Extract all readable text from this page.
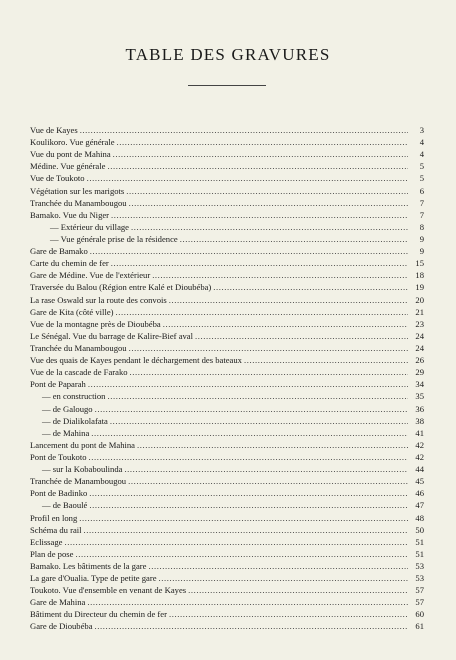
TABLE DES GRAVURES
Vue de Kayes .....	3
Koulikoro. Vue générale .....	4
Vue du pont de Mahina .....	4
Médine. Vue générale .....	5
Vue de Toukoto .....	5
Végétation sur les marigots .....	6
Tranchée du Manambougou .....	7
Bamako. Vue du Niger .....	7
— Extérieur du village .....	8
— Vue générale prise de la résidence .....	9
Gare de Bamako .....	9
Carte du chemin de fer .....	15
Gare de Médine. Vue de l'extérieur .....	18
Traversée du Balou (Région entre Kalé et Dioubéba) .....	19
La rase Oswald sur la route des convois .....	20
Gare de Kita (côté ville) .....	21
Vue de la montagne près de Dioubéba .....	23
Le Sénégal. Vue du barrage de Kalire-Bief aval .....	24
Tranchée du Manambougou .....	24
Vue des quais de Kayes pendant le déchargement des bateaux .....	26
Vue de la cascade de Farako .....	29
Pont de Paparah .....	34
— en construction .....	35
— de Galougo .....	36
— de Dialikolafata .....	38
— de Mahina .....	41
Lancement du pont de Mahina .....	42
Pont de Toukoto .....	42
— sur la Kobaboulinda .....	44
Tranchée de Manambougou .....	45
Pont de Badinko .....	46
— de Baoulé .....	47
Profil en long .....	48
Schéma du rail .....	50
Eclissage .....	51
Plan de pose .....	51
Bamako. Les bâtiments de la gare .....	53
La gare d'Oualia. Type de petite gare .....	53
Toukoto. Vue d'ensemble en venant de Kayes .....	57
Gare de Mahina .....	57
Bâtiment du Directeur du chemin de fer .....	60
Gare de Dioubéba .....	61
